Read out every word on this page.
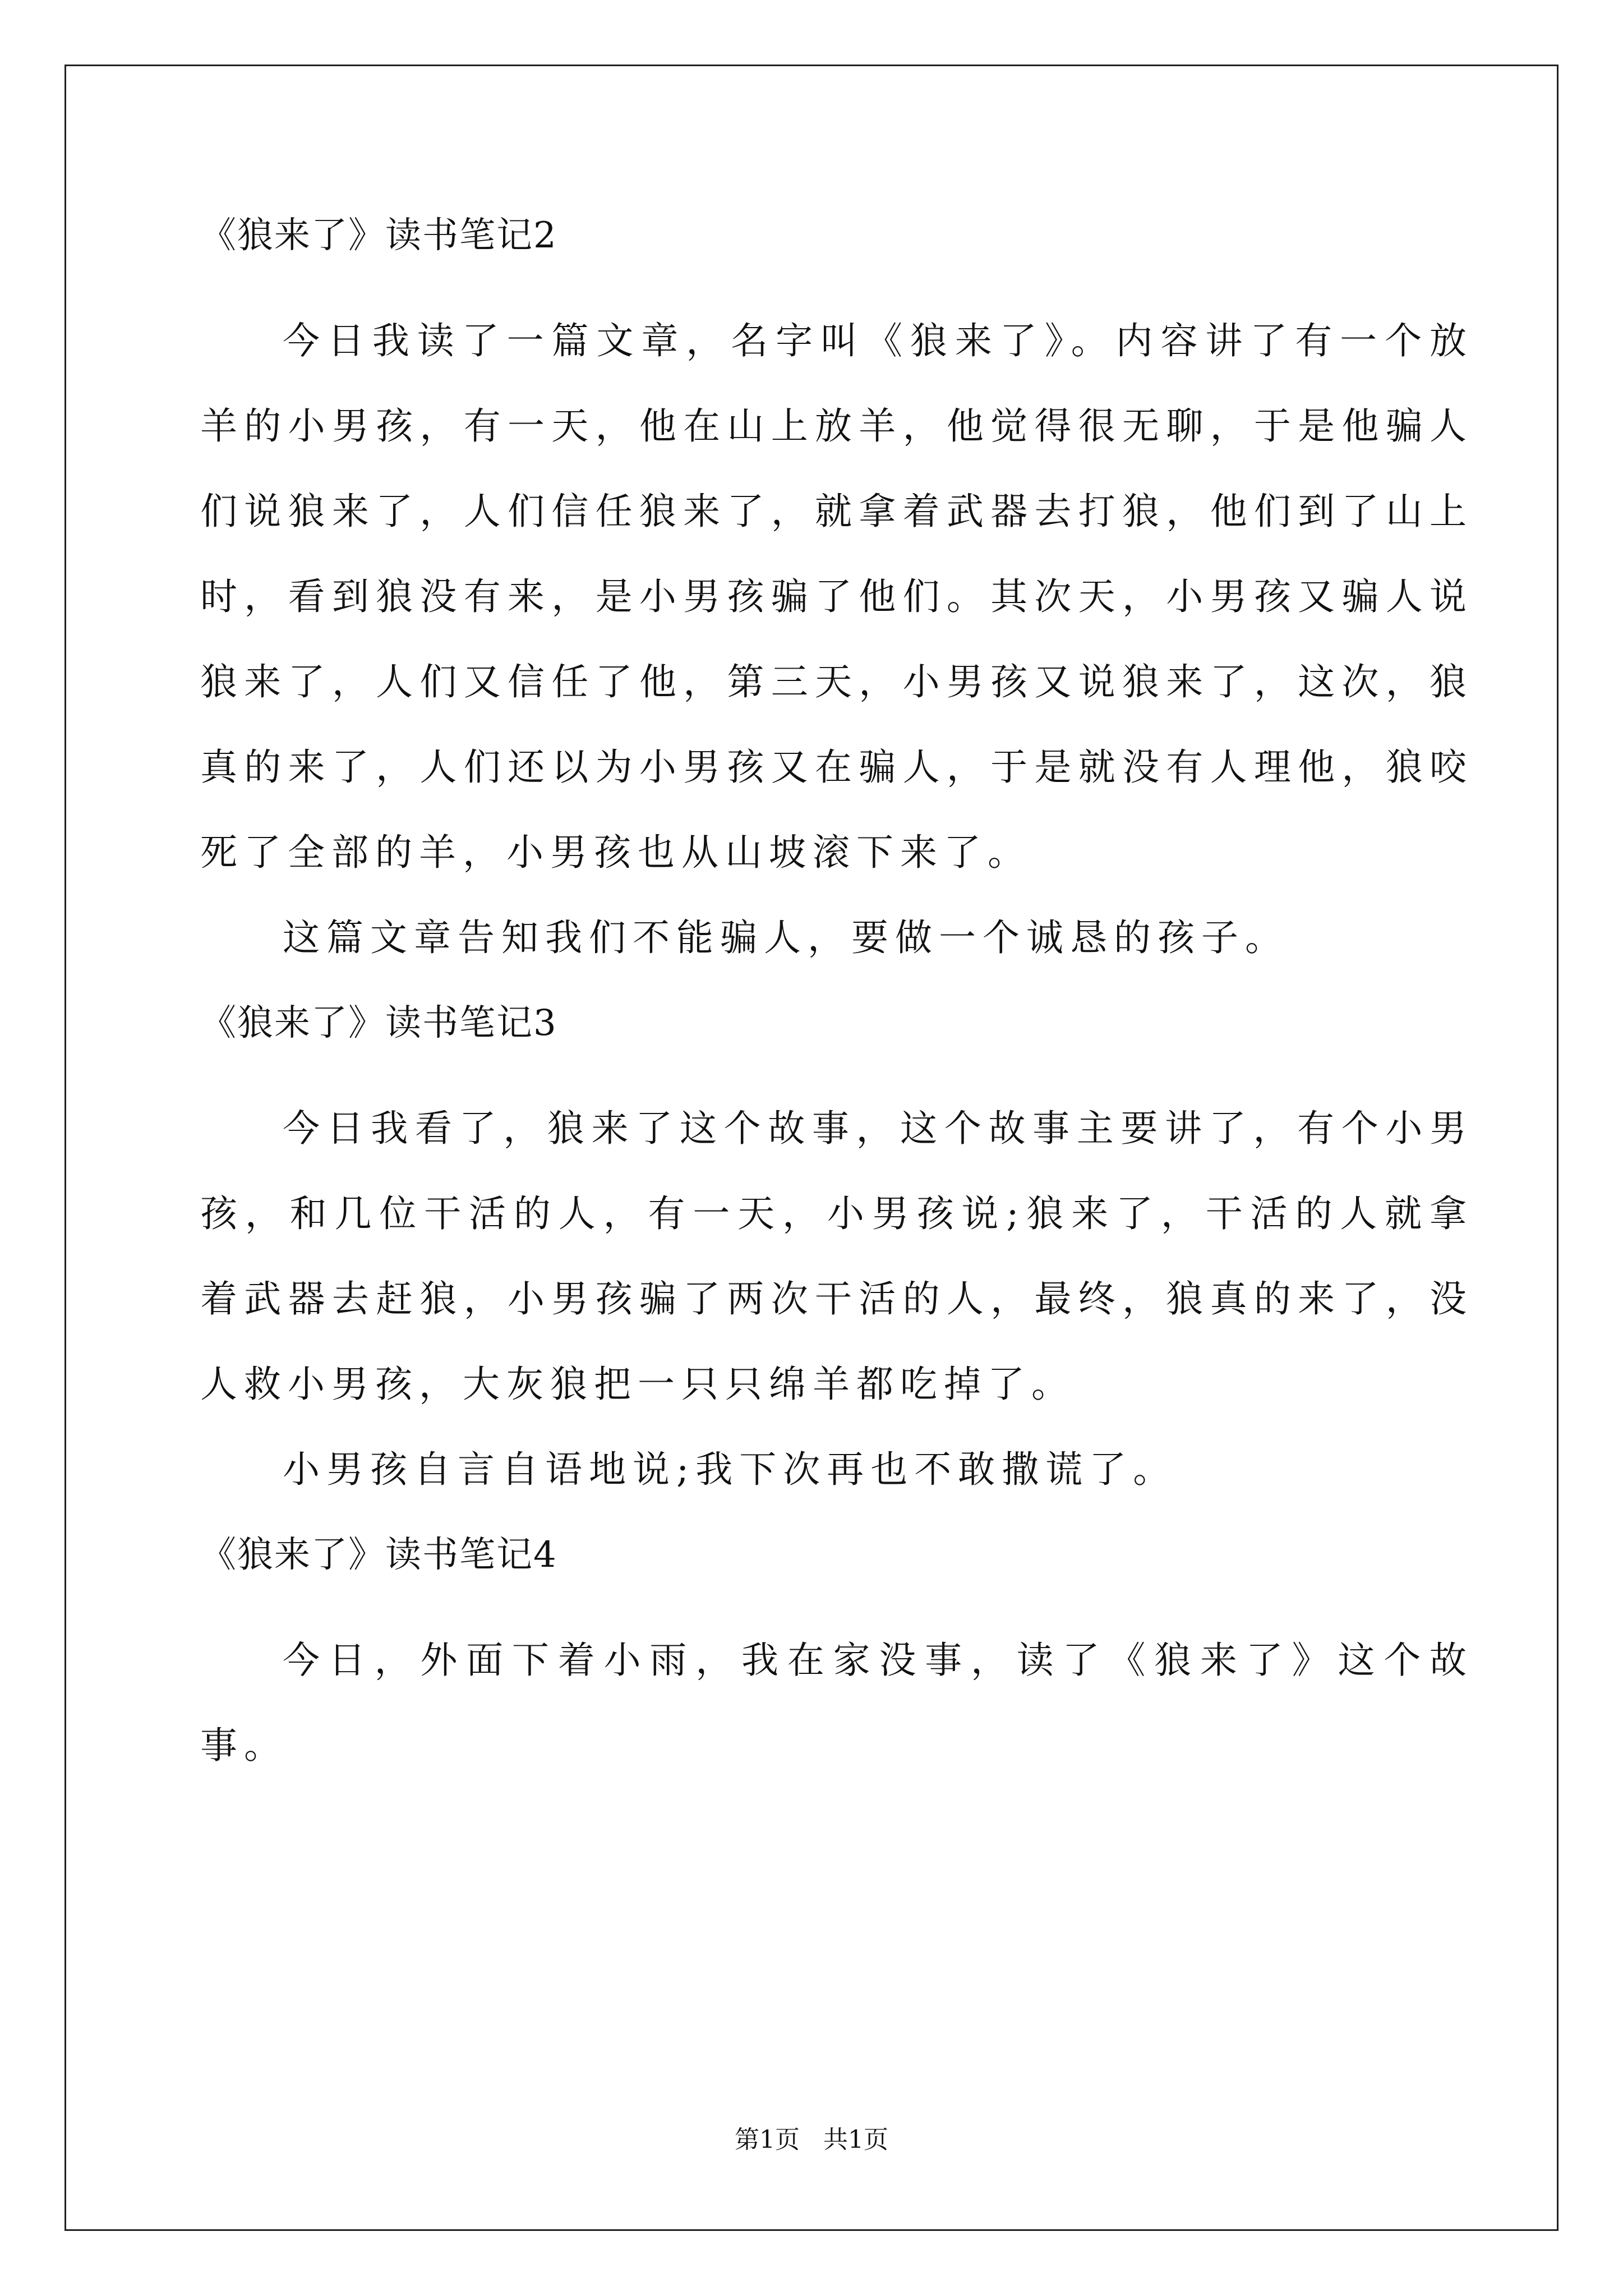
《狼来了》读书笔记2

今日我读了一篇文章，名字叫《狼来了》。内容讲了有一个放羊的小男孩，有一天，他在山上放羊，他觉得很无聊，于是他骗人们说狼来了，人们信任狼来了，就拿着武器去打狼，他们到了山上时，看到狼没有来，是小男孩骗了他们。其次天，小男孩又骗人说狼来了，人们又信任了他，第三天，小男孩又说狼来了，这次，狼真的来了，人们还以为小男孩又在骗人，于是就没有人理他，狼咬死了全部的羊，小男孩也从山坡滚下来了。

这篇文章告知我们不能骗人，要做一个诚恳的孩子。

《狼来了》读书笔记3

今日我看了，狼来了这个故事，这个故事主要讲了，有个小男孩，和几位干活的人，有一天，小男孩说;狼来了，干活的人就拿着武器去赶狼，小男孩骗了两次干活的人，最终，狼真的来了，没人救小男孩，大灰狼把一只只绵羊都吃掉了。

小男孩自言自语地说;我下次再也不敢撒谎了。

《狼来了》读书笔记4

今日，外面下着小雨，我在家没事，读了《狼来了》这个故事。

第1页   共1页
